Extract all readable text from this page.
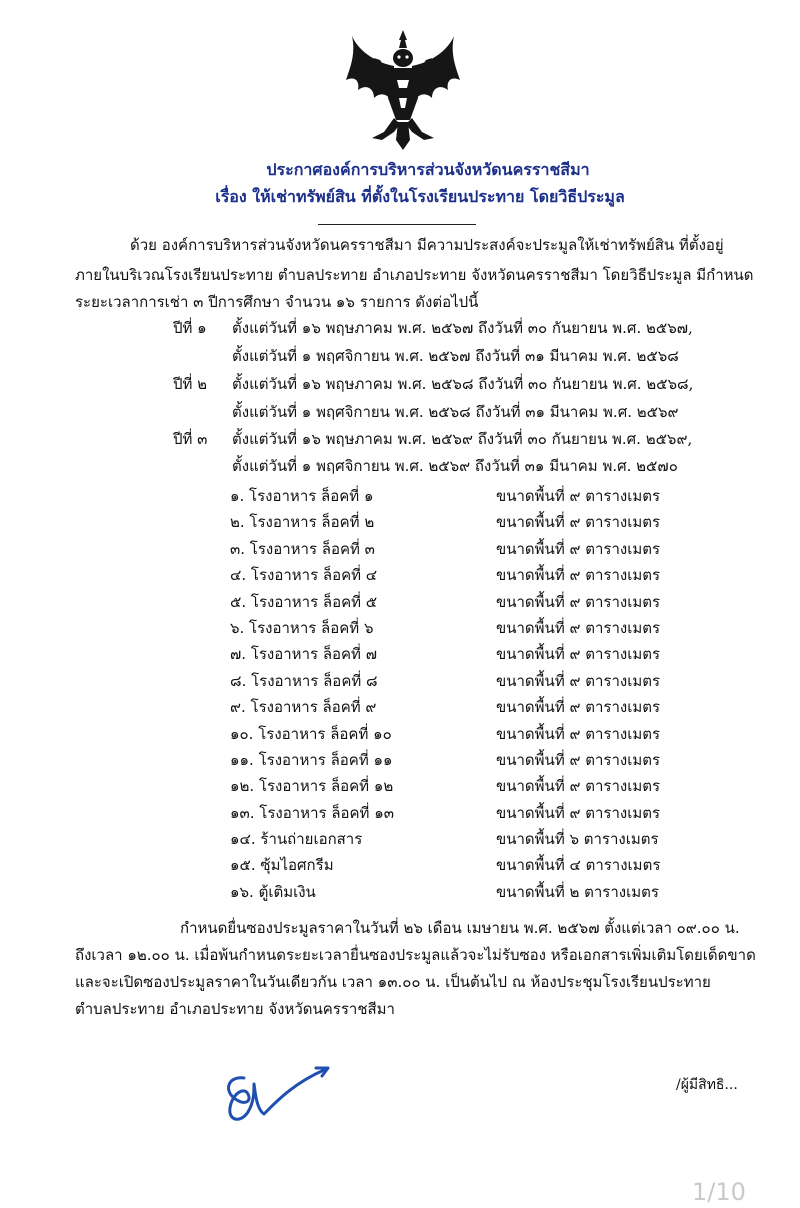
ประกาศองค์การบริหารส่วนจังหวัดนครราชสีมา
เรื่อง ให้เช่าทรัพย์สิน ที่ตั้งในโรงเรียนประทาย โดยวิธีประมูล
ด้วย องค์การบริหารส่วนจังหวัดนครราชสีมา มีความประสงค์จะประมูลให้เช่าทรัพย์สิน ที่ตั้งอยู่
ภายในบริเวณโรงเรียนประทาย ตำบลประทาย อำเภอประทาย จังหวัดนครราชสีมา โดยวิธีประมูล มีกำหนด
ระยะเวลาการเช่า ๓ ปีการศึกษา จำนวน ๑๖ รายการ ดังต่อไปนี้
ปีที่ ๑ ตั้งแต่วันที่ ๑๖ พฤษภาคม พ.ศ. ๒๕๖๗ ถึงวันที่ ๓๐ กันยายน พ.ศ. ๒๕๖๗,
ตั้งแต่วันที่ ๑ พฤศจิกายน พ.ศ. ๒๕๖๗ ถึงวันที่ ๓๑ มีนาคม พ.ศ. ๒๕๖๘
ปีที่ ๒ ตั้งแต่วันที่ ๑๖ พฤษภาคม พ.ศ. ๒๕๖๘ ถึงวันที่ ๓๐ กันยายน พ.ศ. ๒๕๖๘,
ตั้งแต่วันที่ ๑ พฤศจิกายน พ.ศ. ๒๕๖๘ ถึงวันที่ ๓๑ มีนาคม พ.ศ. ๒๕๖๙
ปีที่ ๓ ตั้งแต่วันที่ ๑๖ พฤษภาคม พ.ศ. ๒๕๖๙ ถึงวันที่ ๓๐ กันยายน พ.ศ. ๒๕๖๙,
ตั้งแต่วันที่ ๑ พฤศจิกายน พ.ศ. ๒๕๖๙ ถึงวันที่ ๓๑ มีนาคม พ.ศ. ๒๕๗๐
๑. โรงอาหาร ล็อคที่ ๑	ขนาดพื้นที่ ๙ ตารางเมตร
๒. โรงอาหาร ล็อคที่ ๒	ขนาดพื้นที่ ๙ ตารางเมตร
๓. โรงอาหาร ล็อคที่ ๓	ขนาดพื้นที่ ๙ ตารางเมตร
๔. โรงอาหาร ล็อคที่ ๔	ขนาดพื้นที่ ๙ ตารางเมตร
๕. โรงอาหาร ล็อคที่ ๕	ขนาดพื้นที่ ๙ ตารางเมตร
๖. โรงอาหาร ล็อคที่ ๖	ขนาดพื้นที่ ๙ ตารางเมตร
๗. โรงอาหาร ล็อคที่ ๗	ขนาดพื้นที่ ๙ ตารางเมตร
๘. โรงอาหาร ล็อคที่ ๘	ขนาดพื้นที่ ๙ ตารางเมตร
๙. โรงอาหาร ล็อคที่ ๙	ขนาดพื้นที่ ๙ ตารางเมตร
๑๐. โรงอาหาร ล็อคที่ ๑๐	ขนาดพื้นที่ ๙ ตารางเมตร
๑๑. โรงอาหาร ล็อคที่ ๑๑	ขนาดพื้นที่ ๙ ตารางเมตร
๑๒. โรงอาหาร ล็อคที่ ๑๒	ขนาดพื้นที่ ๙ ตารางเมตร
๑๓. โรงอาหาร ล็อคที่ ๑๓	ขนาดพื้นที่ ๙ ตารางเมตร
๑๔. ร้านถ่ายเอกสาร	ขนาดพื้นที่ ๖ ตารางเมตร
๑๕. ซุ้มไอศกรีม	ขนาดพื้นที่ ๔ ตารางเมตร
๑๖. ตู้เติมเงิน	ขนาดพื้นที่ ๒ ตารางเมตร
กำหนดยื่นซองประมูลราคาในวันที่ ๒๖ เดือน เมษายน พ.ศ. ๒๕๖๗ ตั้งแต่เวลา ๐๙.๐๐ น.
ถึงเวลา ๑๒.๐๐ น. เมื่อพ้นกำหนดระยะเวลายื่นซองประมูลแล้วจะไม่รับซอง หรือเอกสารเพิ่มเติมโดยเด็ดขาด
และจะเปิดซองประมูลราคาในวันเดียวกัน เวลา ๑๓.๐๐ น. เป็นต้นไป ณ ห้องประชุมโรงเรียนประทาย
ตำบลประทาย อำเภอประทาย จังหวัดนครราชสีมา
/ผู้มีสิทธิ...
1/10
